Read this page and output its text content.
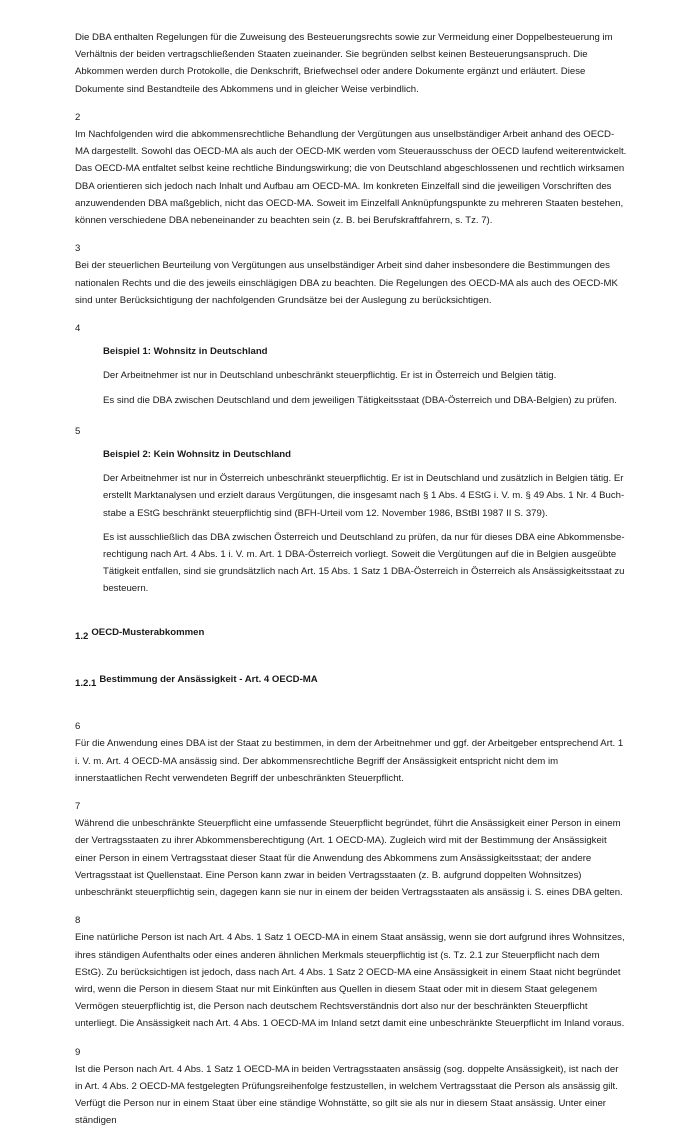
Die DBA enthalten Regelungen für die Zuweisung des Besteuerungsrechts sowie zur Vermeidung einer Doppelbesteuerung im Verhältnis der beiden vertragschließenden Staaten zueinander. Sie begründen selbst keinen Besteuerungsanspruch. Die Abkommen werden durch Protokolle, die Denkschrift, Briefwechsel oder andere Dokumente ergänzt und erläutert. Diese Dokumente sind Bestandteile des Abkommens und in gleicher Weise verbindlich.

2

Im Nachfolgenden wird die abkommensrechtliche Behandlung der Vergütungen aus unselbständiger Arbeit anhand des OECD-MA dargestellt. Sowohl das OECD-MA als auch der OECD-MK werden vom Steuerausschuss der OECD laufend weiterentwickelt. Das OECD-MA entfaltet selbst keine rechtliche Bindungswirkung; die von Deutschland abgeschlossenen und rechtlich wirksamen DBA orientieren sich jedoch nach Inhalt und Aufbau am OECD-MA. Im konkreten Einzelfall sind die jeweiligen Vorschriften des anzuwendenden DBA maßgeblich, nicht das OECD-MA. Soweit im Einzelfall Anknüpfungspunkte zu mehreren Staaten bestehen, können verschiedene DBA nebeneinander zu beachten sein (z. B. bei Berufskraftfahrern, s. Tz. 7).

3

Bei der steuerlichen Beurteilung von Vergütungen aus unselbständiger Arbeit sind daher insbesondere die Bestimmungen des nationalen Rechts und die des jeweils einschlägigen DBA zu beachten. Die Regelungen des OECD-MA als auch des OECD-MK sind unter Berücksichtigung der nachfolgenden Grundsätze bei der Auslegung zu berücksichtigen.

4

Beispiel 1: Wohnsitz in Deutschland

Der Arbeitnehmer ist nur in Deutschland unbeschränkt steuerpflichtig. Er ist in Österreich und Belgien tätig.

Es sind die DBA zwischen Deutschland und dem jeweiligen Tätigkeitsstaat (DBA-Österreich und DBA-Belgien) zu prüfen.

5

Beispiel 2: Kein Wohnsitz in Deutschland

Der Arbeitnehmer ist nur in Österreich unbeschränkt steuerpflichtig. Er ist in Deutschland und zusätzlich in Belgien tätig. Er erstellt Marktanalysen und erzielt daraus Vergütungen, die insgesamt nach § 1 Abs. 4 EStG i. V. m. § 49 Abs. 1 Nr. 4 Buchstabe a EStG beschränkt steuerpflichtig sind (BFH-Urteil vom 12. November 1986, BStBl 1987 II S. 379).

Es ist ausschließlich das DBA zwischen Österreich und Deutschland zu prüfen, da nur für dieses DBA eine Abkommensberechtigung nach Art. 4 Abs. 1 i. V. m. Art. 1 DBA-Österreich vorliegt. Soweit die Vergütungen auf die in Belgien ausgeübte Tätigkeit entfallen, sind sie grundsätzlich nach Art. 15 Abs. 1 Satz 1 DBA-Österreich in Österreich als Ansässigkeitsstaat zu besteuern.

1.2 OECD-Musterabkommen
1.2.1 Bestimmung der Ansässigkeit - Art. 4 OECD-MA

6

Für die Anwendung eines DBA ist der Staat zu bestimmen, in dem der Arbeitnehmer und ggf. der Arbeitgeber entsprechend Art. 1 i. V. m. Art. 4 OECD-MA ansässig sind. Der abkommensrechtliche Begriff der Ansässigkeit entspricht nicht dem im innerstaatlichen Recht verwendeten Begriff der unbeschränkten Steuerpflicht.

7

Während die unbeschränkte Steuerpflicht eine umfassende Steuerpflicht begründet, führt die Ansässigkeit einer Person in einem der Vertragsstaaten zu ihrer Abkommensberechtigung (Art. 1 OECD-MA). Zugleich wird mit der Bestimmung der Ansässigkeit einer Person in einem Vertragsstaat dieser Staat für die Anwendung des Abkommens zum Ansässigkeitsstaat; der andere Vertragsstaat ist Quellenstaat. Eine Person kann zwar in beiden Vertragsstaaten (z. B. aufgrund doppelten Wohnsitzes) unbeschränkt steuerpflichtig sein, dagegen kann sie nur in einem der beiden Vertragsstaaten als ansässig i. S. eines DBA gelten.

8

Eine natürliche Person ist nach Art. 4 Abs. 1 Satz 1 OECD-MA in einem Staat ansässig, wenn sie dort aufgrund ihres Wohnsitzes, ihres ständigen Aufenthalts oder eines anderen ähnlichen Merkmals steuerpflichtig ist (s. Tz. 2.1 zur Steuerpflicht nach dem EStG). Zu berücksichtigen ist jedoch, dass nach Art. 4 Abs. 1 Satz 2 OECD-MA eine Ansässigkeit in einem Staat nicht begründet wird, wenn die Person in diesem Staat nur mit Einkünften aus Quellen in diesem Staat oder mit in diesem Staat gelegenem Vermögen steuerpflichtig ist, die Person nach deutschem Rechtsverständnis dort also nur der beschränkten Steuerpflicht unterliegt. Die Ansässigkeit nach Art. 4 Abs. 1 OECD-MA im Inland setzt damit eine unbeschränkte Steuerpflicht im Inland voraus.

9

Ist die Person nach Art. 4 Abs. 1 Satz 1 OECD-MA in beiden Vertragsstaaten ansässig (sog. doppelte Ansässigkeit), ist nach der in Art. 4 Abs. 2 OECD-MA festgelegten Prüfungsreihenfolge festzustellen, in welchem Vertragsstaat die Person als ansässig gilt. Verfügt die Person nur in einem Staat über eine ständige Wohnstätte, so gilt sie als nur in diesem Staat ansässig. Unter einer ständigen
